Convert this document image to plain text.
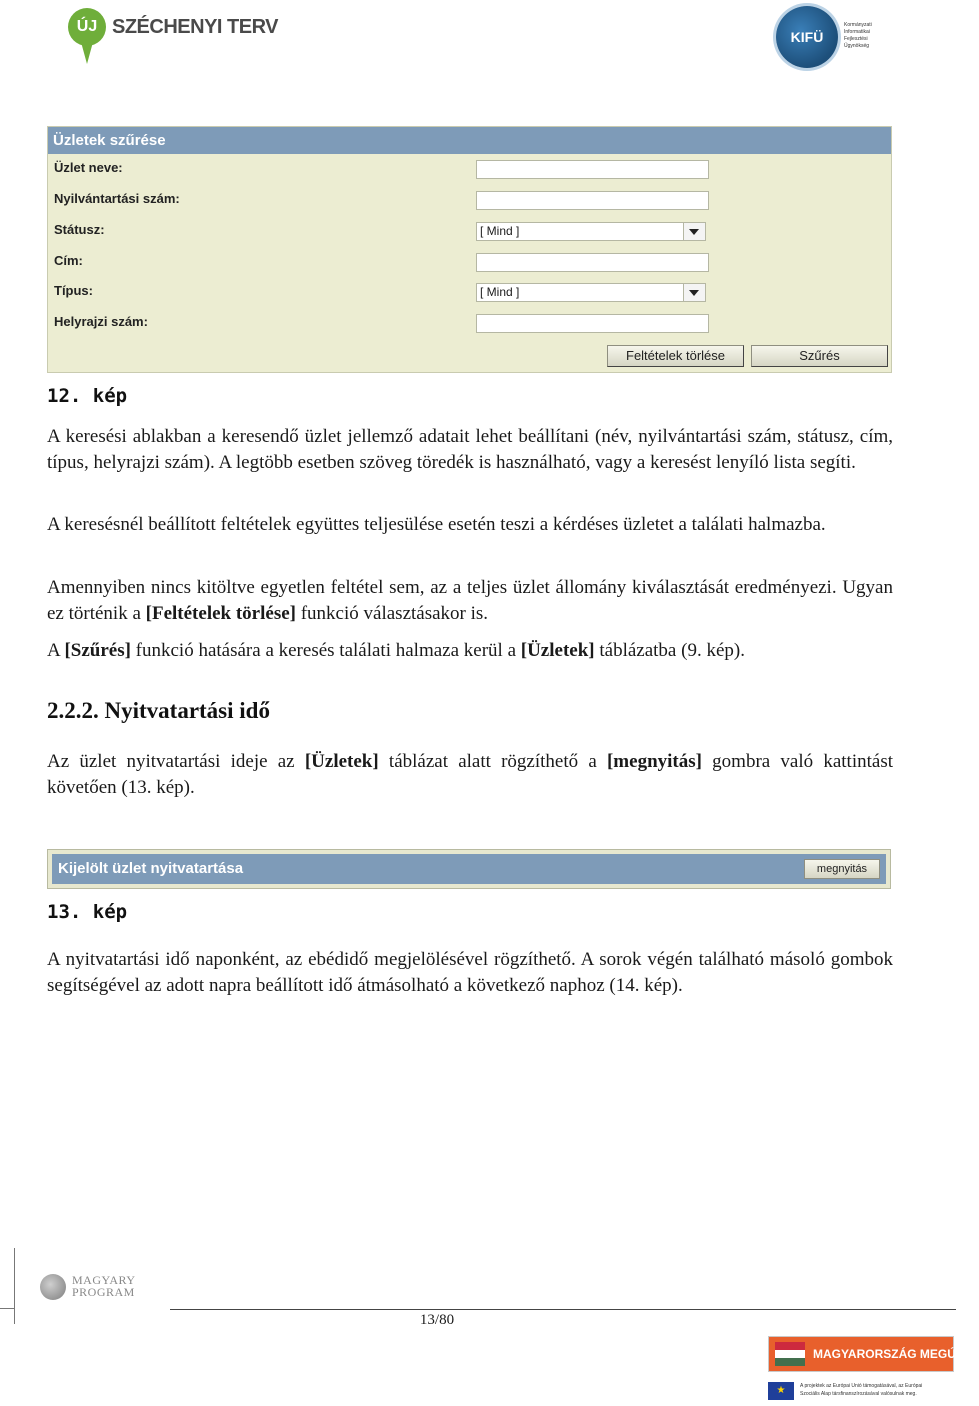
ÚJ SZÉCHENYI TERV	KIFÜ
Kormányzati
Informatikai
Fejlesztési
Ügynökség
Üzletek szűrése
Üzlet neve:
Nyilvántartási szám:
Státusz:	[ Mind ]
Cím:
Típus:	[ Mind ]
Helyrajzi szám:
Feltételek törlése	Szűrés
12. kép
A keresési ablakban a keresendő üzlet jellemző adatait lehet beállítani (név, nyilvántartási szám, státusz, cím, típus, helyrajzi szám). A legtöbb esetben szöveg töredék is használható, vagy a keresést lenyíló lista segíti.
A keresésnél beállított feltételek együttes teljesülése esetén teszi a kérdéses üzletet a találati halmazba.
Amennyiben nincs kitöltve egyetlen feltétel sem, az a teljes üzlet állomány kiválasztását eredményezi. Ugyan ez történik a [Feltételek törlése] funkció választásakor is.
A [Szűrés] funkció hatására a keresés találati halmaza kerül a [Üzletek] táblázatba (9. kép).
2.2.2. Nyitvatartási idő
Az üzlet nyitvatartási ideje az [Üzletek] táblázat alatt rögzíthető a [megnyitás] gombra való kattintást követően (13. kép).
Kijelölt üzlet nyitvatartása	megnyitás
13. kép
A nyitvatartási idő naponként, az ebédidő megjelölésével rögzíthető. A sorok végén található másoló gombok segítségével az adott napra beállított idő átmásolható a következő naphoz (14. kép).
MAGYARY
PROGRAM
13/80
MAGYARORSZÁG MEGÚJUL
★
A projektek az Európai Unió támogatásával, az Európai
Szociális Alap társfinanszírozásával valósulnak meg.
